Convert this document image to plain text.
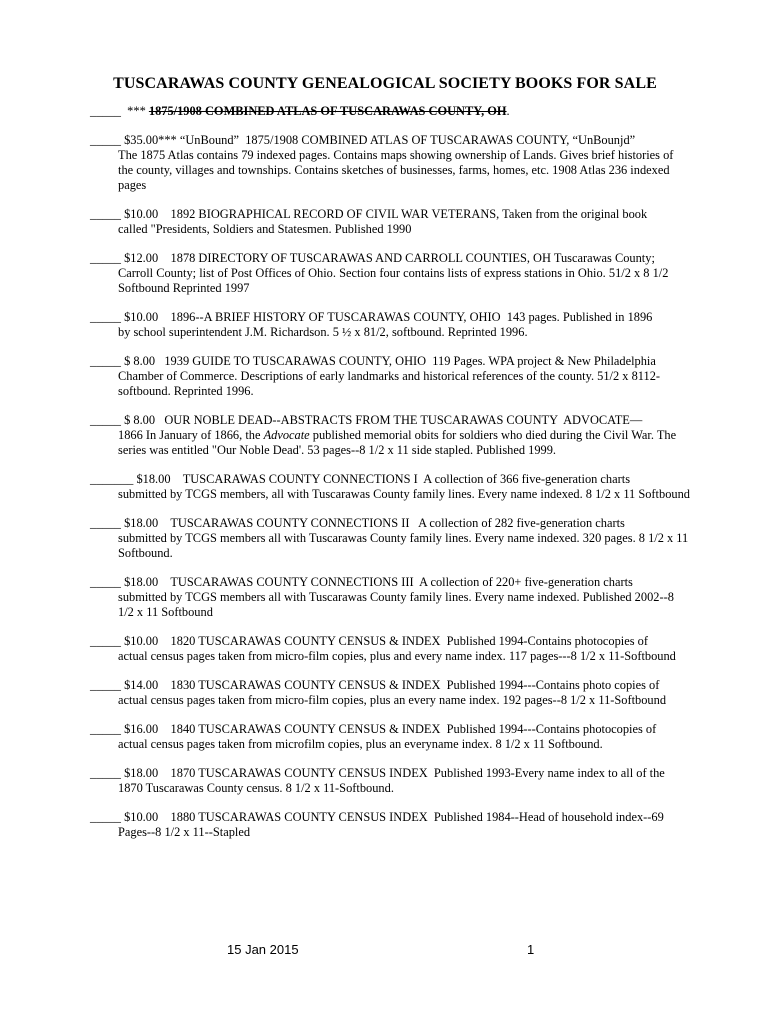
TUSCARAWAS COUNTY GENEALOGICAL SOCIETY BOOKS FOR SALE
_____  *** 1875/1908 COMBINED ATLAS OF TUSCARAWAS COUNTY, OH.
_____ $35.00*** “UnBound”  1875/1908 COMBINED ATLAS OF TUSCARAWAS COUNTY, “UnBounjd”
The 1875 Atlas contains 79 indexed pages. Contains maps showing ownership of Lands. Gives brief histories of the county, villages and townships. Contains sketches of businesses, farms, homes, etc. 1908 Atlas 236 indexed pages
_____ $10.00    1892 BIOGRAPHICAL RECORD OF CIVIL WAR VETERANS, Taken from the original book
called "Presidents, Soldiers and Statesmen. Published 1990
_____ $12.00    1878 DIRECTORY OF TUSCARAWAS AND CARROLL COUNTIES, OH Tuscarawas County;
Carroll County; list of Post Offices of Ohio. Section four contains lists of express stations in Ohio. 51/2 x 8 1/2 Softbound Reprinted 1997
_____ $10.00    1896--A BRIEF HISTORY OF TUSCARAWAS COUNTY, OHIO  143 pages. Published in 1896
by school superintendent J.M. Richardson. 5 ½ x 81/2, softbound. Reprinted 1996.
_____ $ 8.00   1939 GUIDE TO TUSCARAWAS COUNTY, OHIO  119 Pages. WPA project & New Philadelphia
Chamber of Commerce. Descriptions of early landmarks and historical references of the county. 51/2 x 8112-softbound. Reprinted 1996.
_____ $ 8.00   OUR NOBLE DEAD--ABSTRACTS FROM THE TUSCARAWAS COUNTY  ADVOCATE—
1866 In January of 1866, the Advocate published memorial obits for soldiers who died during the Civil War. The series was entitled "Our Noble Dead'. 53 pages--8 1/2 x 11 side stapled. Published 1999.
_______ $18.00    TUSCARAWAS COUNTY CONNECTIONS I  A collection of 366 five-generation charts
submitted by TCGS members, all with Tuscarawas County family lines. Every name indexed. 8 1/2 x 11 Softbound
_____ $18.00    TUSCARAWAS COUNTY CONNECTIONS II   A collection of 282 five-generation charts
submitted by TCGS members all with Tuscarawas County family lines. Every name indexed. 320 pages. 8 1/2 x 11 Softbound.
_____ $18.00    TUSCARAWAS COUNTY CONNECTIONS III  A collection of 220+ five-generation charts
submitted by TCGS members all with Tuscarawas County family lines. Every name indexed. Published 2002--8 1/2 x 11 Softbound
_____ $10.00    1820 TUSCARAWAS COUNTY CENSUS & INDEX  Published 1994-Contains photocopies of
actual census pages taken from micro-film copies, plus and every name index. 117 pages---8 1/2 x 11-Softbound
_____ $14.00    1830 TUSCARAWAS COUNTY CENSUS & INDEX  Published 1994---Contains photo copies of
actual census pages taken from micro-film copies, plus an every name index. 192 pages--8 1/2 x 11-Softbound
_____ $16.00    1840 TUSCARAWAS COUNTY CENSUS & INDEX  Published 1994---Contains photocopies of
actual census pages taken from microfilm copies, plus an everyname index. 8 1/2 x 11 Softbound.
_____ $18.00    1870 TUSCARAWAS COUNTY CENSUS INDEX  Published 1993-Every name index to all of the
1870 Tuscarawas County census. 8 1/2 x 11-Softbound.
_____ $10.00    1880 TUSCARAWAS COUNTY CENSUS INDEX  Published 1984--Head of household index--69
Pages--8 1/2 x 11--Stapled
15 Jan 2015	1
